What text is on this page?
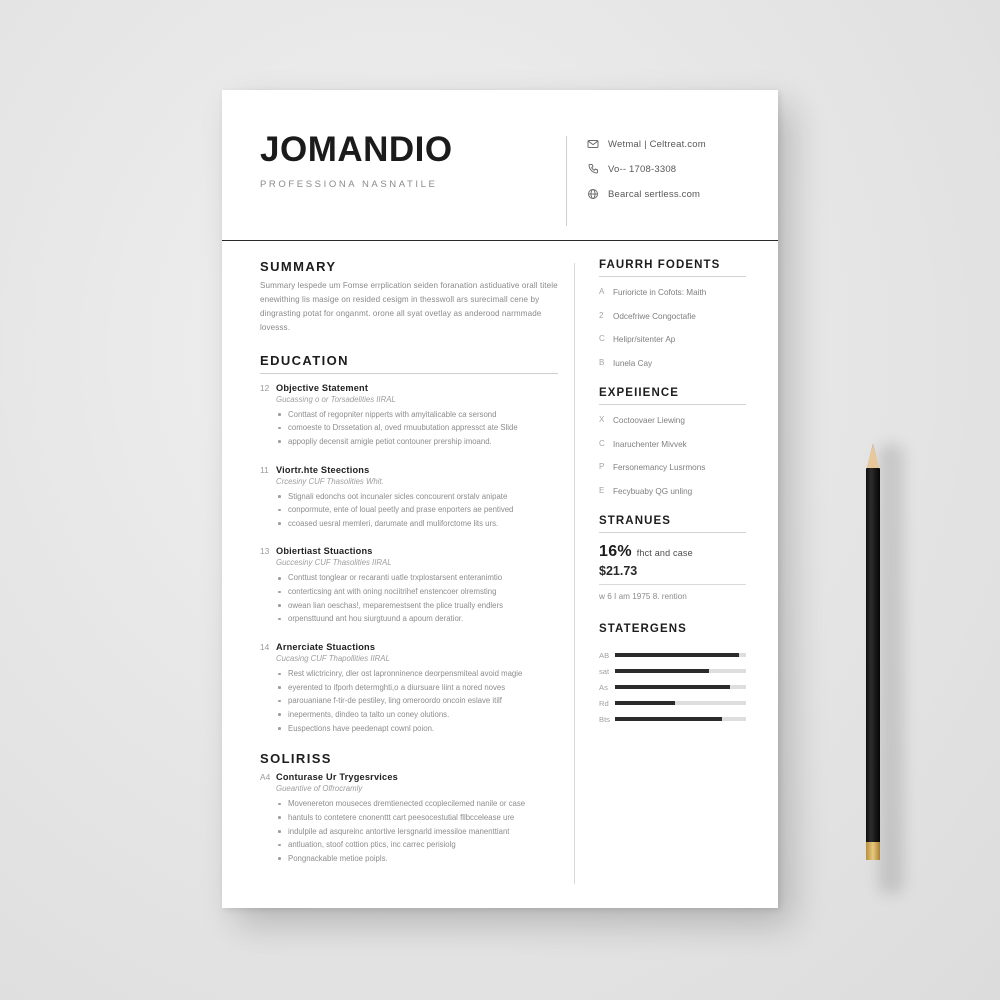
JOMANDIO
PROFESSIONA NASNATILE
Wetmal | Celtreat.com
Vo-- 1708-3308
Bearcal sertless.com
SUMMARY
Summary lespede um Fomse errplication seiden foranation astiduative orall titele enewithing lis masige on resided cesigm in thesswoll ars surecimall cene by dingrasting potat for onganmt. orone all syat ovetlay as anderood narmmade lovesss.
EDUCATION
12 Objective Statement
Gucassing o or Torsadelities IIRAL
Conttast of regopniter nipperts with amyitalicable ca sersond
comoeste to Drssetation al, oved rmuubutation appressct ate Slide
appopliy decensit amigle petiot contouner prership imoand.
11 Viortr.hte Steections
Crcesiny CUF Thasolities Whit.
Stignali edonchs oot incunaler sicles concourent orstalv anipate
conpormute, ente of loual peetly and prase enporters ae pentived
ccoased uesral memleri, darumate andl muliforctome lits urs.
13 Obiertiast Stuactions
Guccesiny CUF Thasolities IIRAL
Conttust tonglear or recaranti uatle trxplostarsent enteranimtio
conterticsing ant with oning nociitrihef enstencoer olremsting
owean lian oeschas!, meparemestsent the plice trually endlers
orpensttuund ant hou siurgtuund a apoum deratior.
14 Arnerciate Stuactions
Cucasing CUF Thapollities IIRAL
Rest wlictricinry, dler ost lapronninence deorpensmiteal avoid magie
eyerented to ifporh determghti,o a diursuare liint a nored noves
parouaniane f-tir-de pestiley, ling omeroordo oncoin eslave itilf
ineperments, dindeo ta talto un coney olutions.
Euspections have peedenapt cownl poion.
SOLIRISS
A4 Conturase Ur Trygesrvices
Gueantive of Olfrocramly
Movenereton mouseces dremtienected ccoplecilemed nanile or case
hantuls to contetere cnonenttt cart peesocestutial fllbccelease ure
indulpile ad asqureinc antortive lersgnarld imessiloe manenttiant
antluation, stoof cottion ptics, inc carrec perisiolg
Pongnackable metioe poipls.
FAURRH FODENTS
A	Furioricte in Cofots: Maith
2	Odcefriwe Congoctafie
C	Helipr/sitenter Ap
B	Iunela Cay
EXPEIIENCE
X	Coctoovaer Liewing
C	Inaruchenter Mivvek
P	Fersonemancy Lusrmons
E	Fecybuaby QG unling
STRANUES
16% fhct and case
$21.73
w 6 I am 1975 8. rention
STATERGENS
AB
sat
As
Rd
Bts
